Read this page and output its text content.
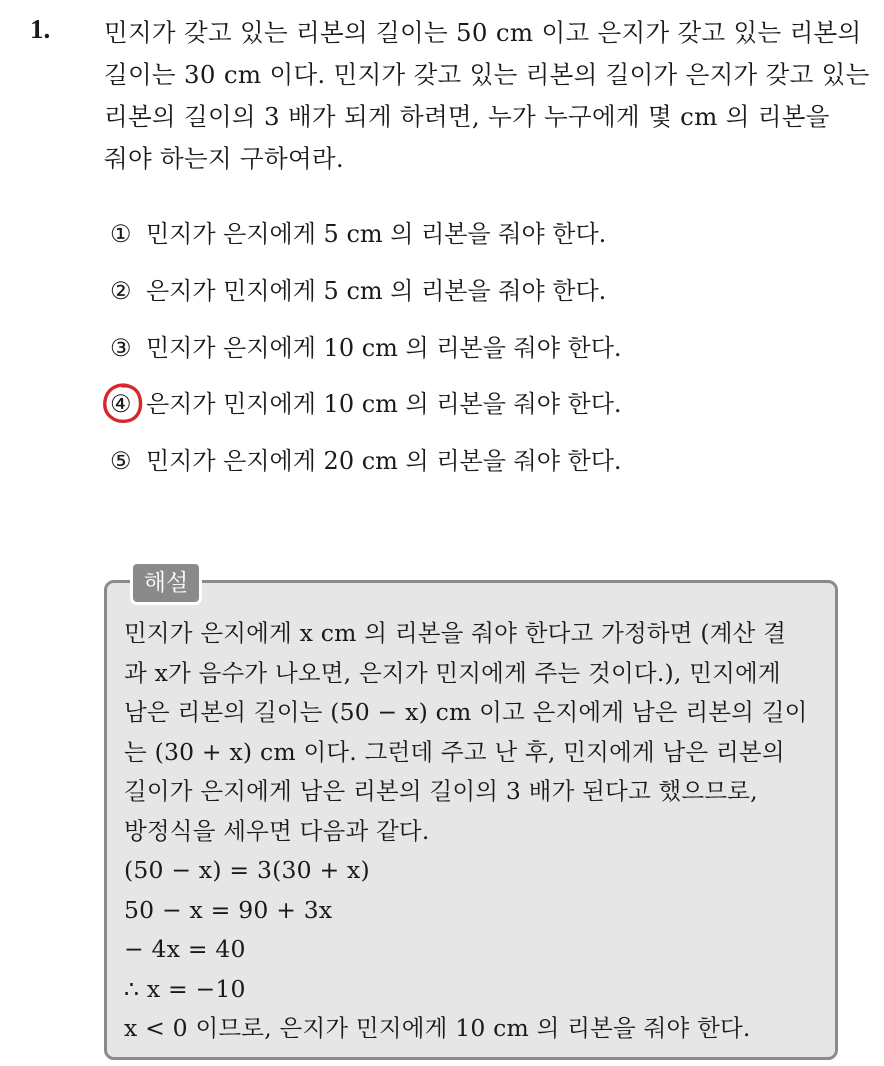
1. 민지가 갖고 있는 리본의 길이는 50 cm 이고 은지가 갖고 있는 리본의
길이는 30 cm 이다. 민지가 갖고 있는 리본의 길이가 은지가 갖고 있는
리본의 길이의 3 배가 되게 하려면, 누가 누구에게 몇 cm 의 리본을
줘야 하는지 구하여라.
① 민지가 은지에게 5 cm 의 리본을 줘야 한다.
② 은지가 민지에게 5 cm 의 리본을 줘야 한다.
③ 민지가 은지에게 10 cm 의 리본을 줘야 한다.
④ 은지가 민지에게 10 cm 의 리본을 줘야 한다.
⑤ 민지가 은지에게 20 cm 의 리본을 줘야 한다.
해설
민지가 은지에게 x cm 의 리본을 줘야 한다고 가정하면 (계산 결
과 x가 음수가 나오면, 은지가 민지에게 주는 것이다.), 민지에게
남은 리본의 길이는 (50 − x) cm 이고 은지에게 남은 리본의 길이
는 (30 + x) cm 이다. 그런데 주고 난 후, 민지에게 남은 리본의
길이가 은지에게 남은 리본의 길이의 3 배가 된다고 했으므로,
방정식을 세우면 다음과 같다.
(50 − x) = 3(30 + x)
50 − x = 90 + 3x
− 4x = 40
∴ x = −10
x < 0 이므로, 은지가 민지에게 10 cm 의 리본을 줘야 한다.
